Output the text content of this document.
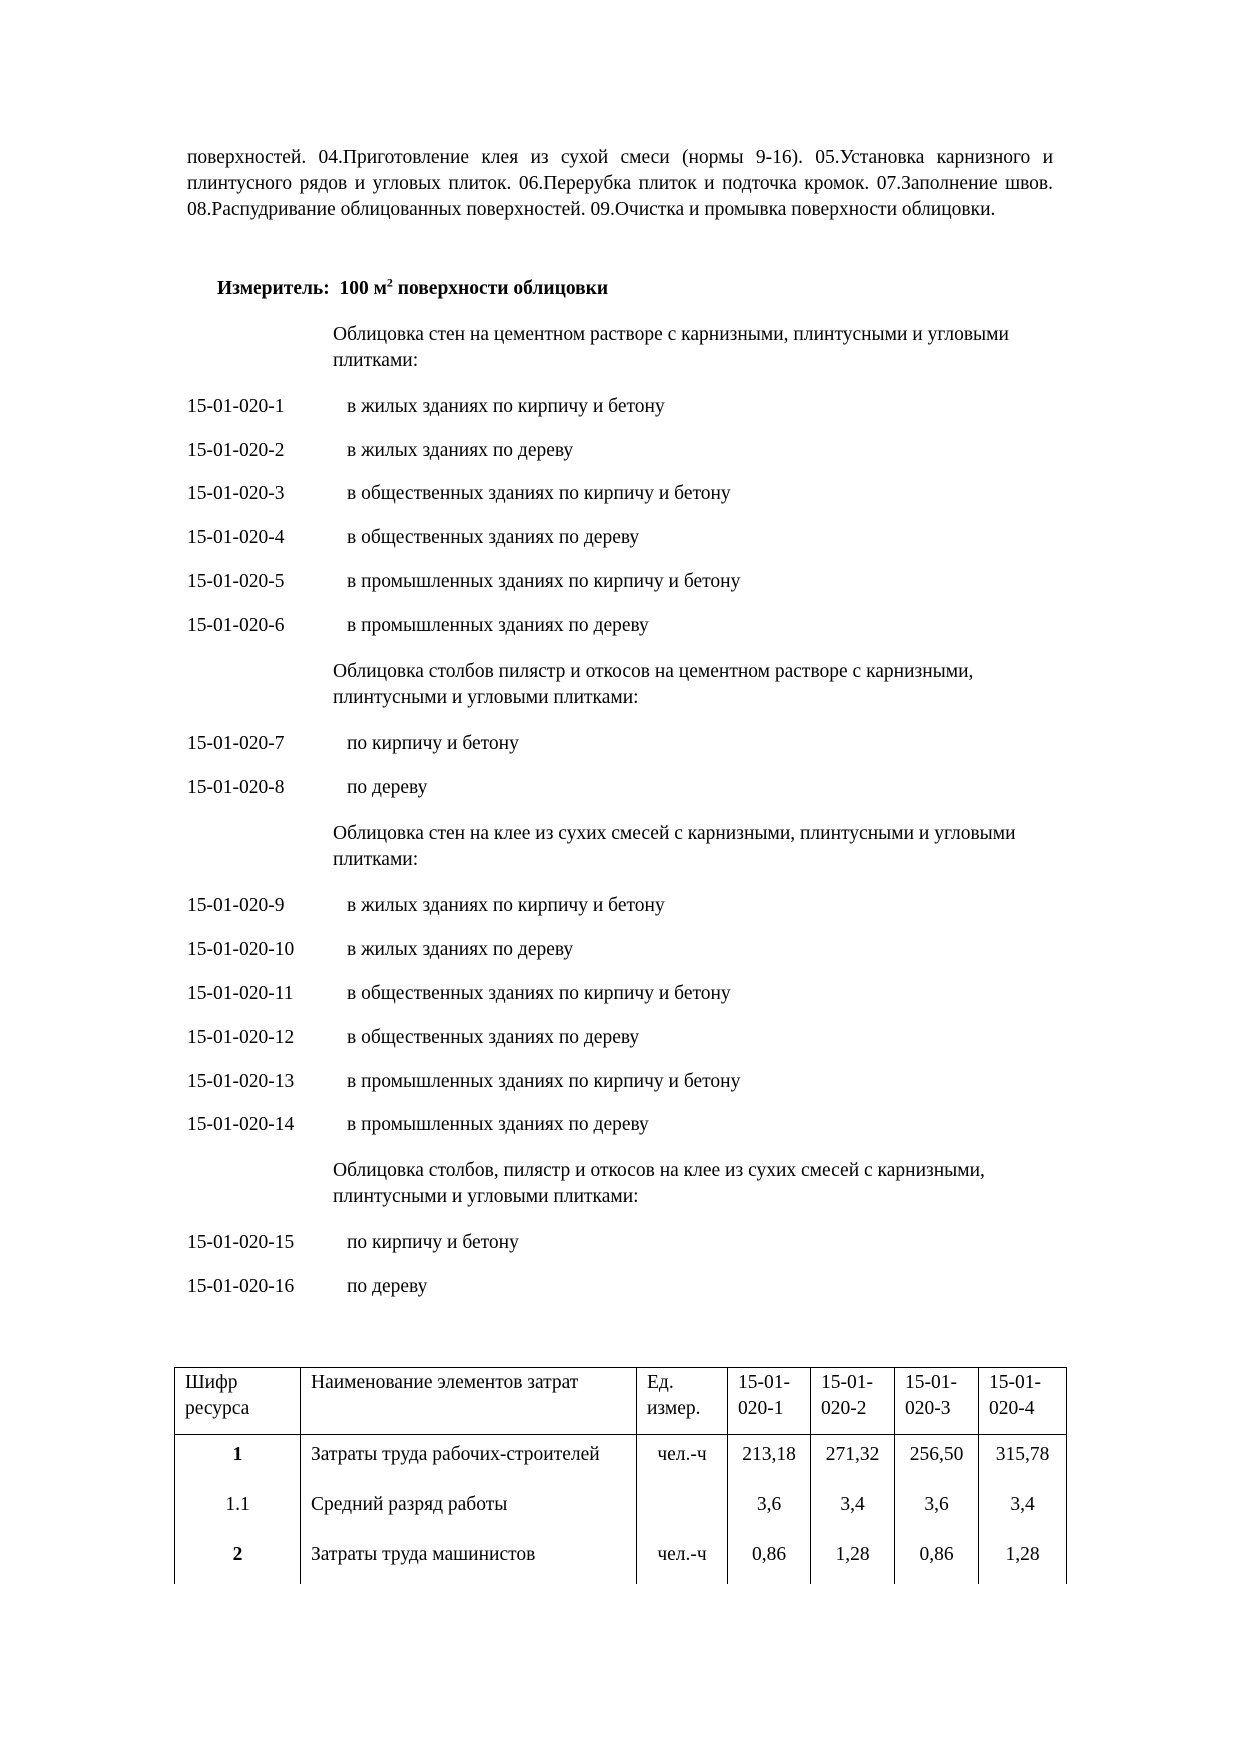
поверхностей. 04.Приготовление клея из сухой смеси (нормы 9-16). 05.Установка карнизного и плинтусного рядов и угловых плиток. 06.Перерубка плиток и подточка кромок. 07.Заполнение швов. 08.Распудривание облицованных поверхностей. 09.Очистка и промывка поверхности облицовки.

Измеритель: 100 $м^2$ поверхности облицовки

Облицовка стен на цементном растворе с карнизными, плинтусными и угловыми плитками:

15-01-020-1	в жилых зданиях по кирпичу и бетону
15-01-020-2	в жилых зданиях по дереву
15-01-020-3	в общественных зданиях по кирпичу и бетону
15-01-020-4	в общественных зданиях по дереву
15-01-020-5	в промышленных зданиях по кирпичу и бетону
15-01-020-6	в промышленных зданиях по дереву

Облицовка столбов пилястр и откосов на цементном растворе с карнизными, плинтусными и угловыми плитками:

15-01-020-7	по кирпичу и бетону
15-01-020-8	по дереву

Облицовка стен на клее из сухих смесей с карнизными, плинтусными и угловыми плитками:

15-01-020-9	в жилых зданиях по кирпичу и бетону
15-01-020-10	в жилых зданиях по дереву
15-01-020-11	в общественных зданиях по кирпичу и бетону
15-01-020-12	в общественных зданиях по дереву
15-01-020-13	в промышленных зданиях по кирпичу и бетону
15-01-020-14	в промышленных зданиях по дереву

Облицовка столбов, пилястр и откосов на клее из сухих смесей с карнизными, плинтусными и угловыми плитками:

15-01-020-15	по кирпичу и бетону
15-01-020-16	по дереву
Шифр ресурса	Наименование элементов затрат	Ед. измер.	15-01-020-1	15-01-020-2	15-01-020-3	15-01-020-4
1	Затраты труда рабочих-строителей	чел.-ч	213,18	271,32	256,50	315,78
1.1	Средний разряд работы		3,6	3,4	3,6	3,4
2	Затраты труда машинистов	чел.-ч	0,86	1,28	0,86	1,28
